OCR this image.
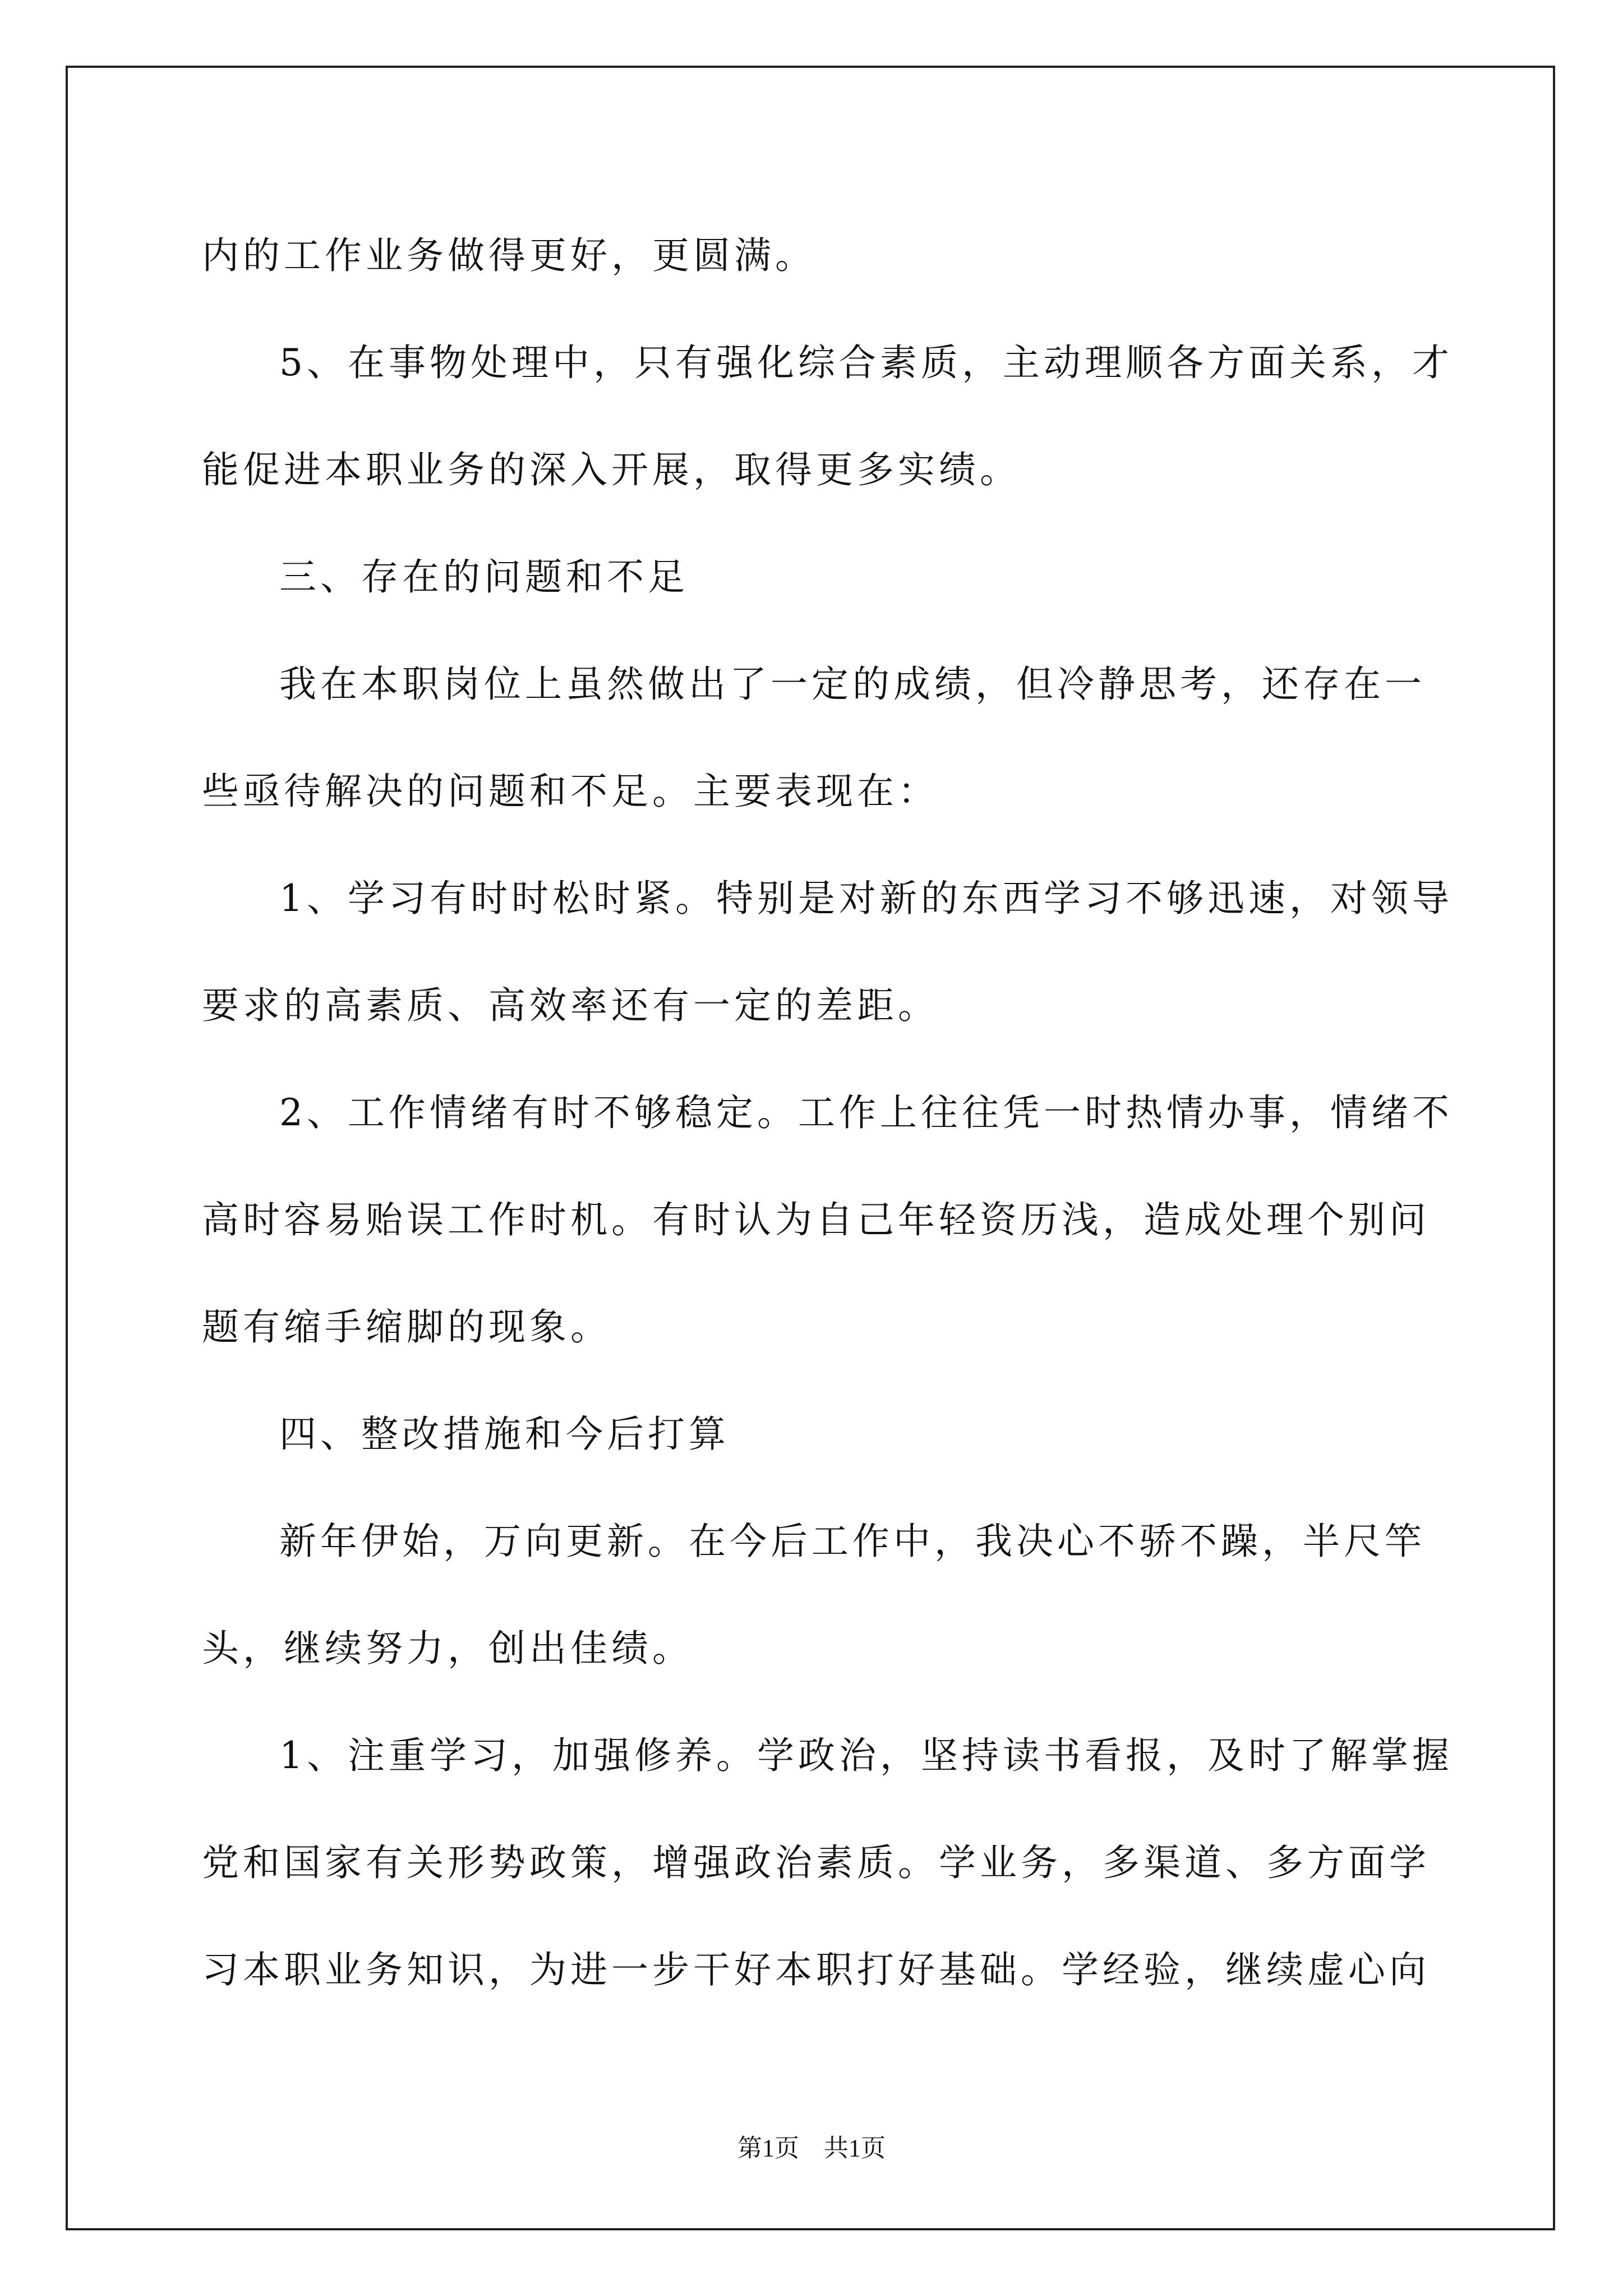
内的工作业务做得更好，更圆满。
5、在事物处理中，只有强化综合素质，主动理顺各方面关系，才
能促进本职业务的深入开展，取得更多实绩。
三、存在的问题和不足
我在本职岗位上虽然做出了一定的成绩，但冷静思考，还存在一
些亟待解决的问题和不足。主要表现在：
1、学习有时时松时紧。特别是对新的东西学习不够迅速，对领导
要求的高素质、高效率还有一定的差距。
2、工作情绪有时不够稳定。工作上往往凭一时热情办事，情绪不
高时容易贻误工作时机。有时认为自己年轻资历浅，造成处理个别问
题有缩手缩脚的现象。
四、整改措施和今后打算
新年伊始，万向更新。在今后工作中，我决心不骄不躁，半尺竿
头，继续努力，创出佳绩。
1、注重学习，加强修养。学政治，坚持读书看报，及时了解掌握
党和国家有关形势政策，增强政治素质。学业务，多渠道、多方面学
习本职业务知识，为进一步干好本职打好基础。学经验，继续虚心向
第1页 共1页
